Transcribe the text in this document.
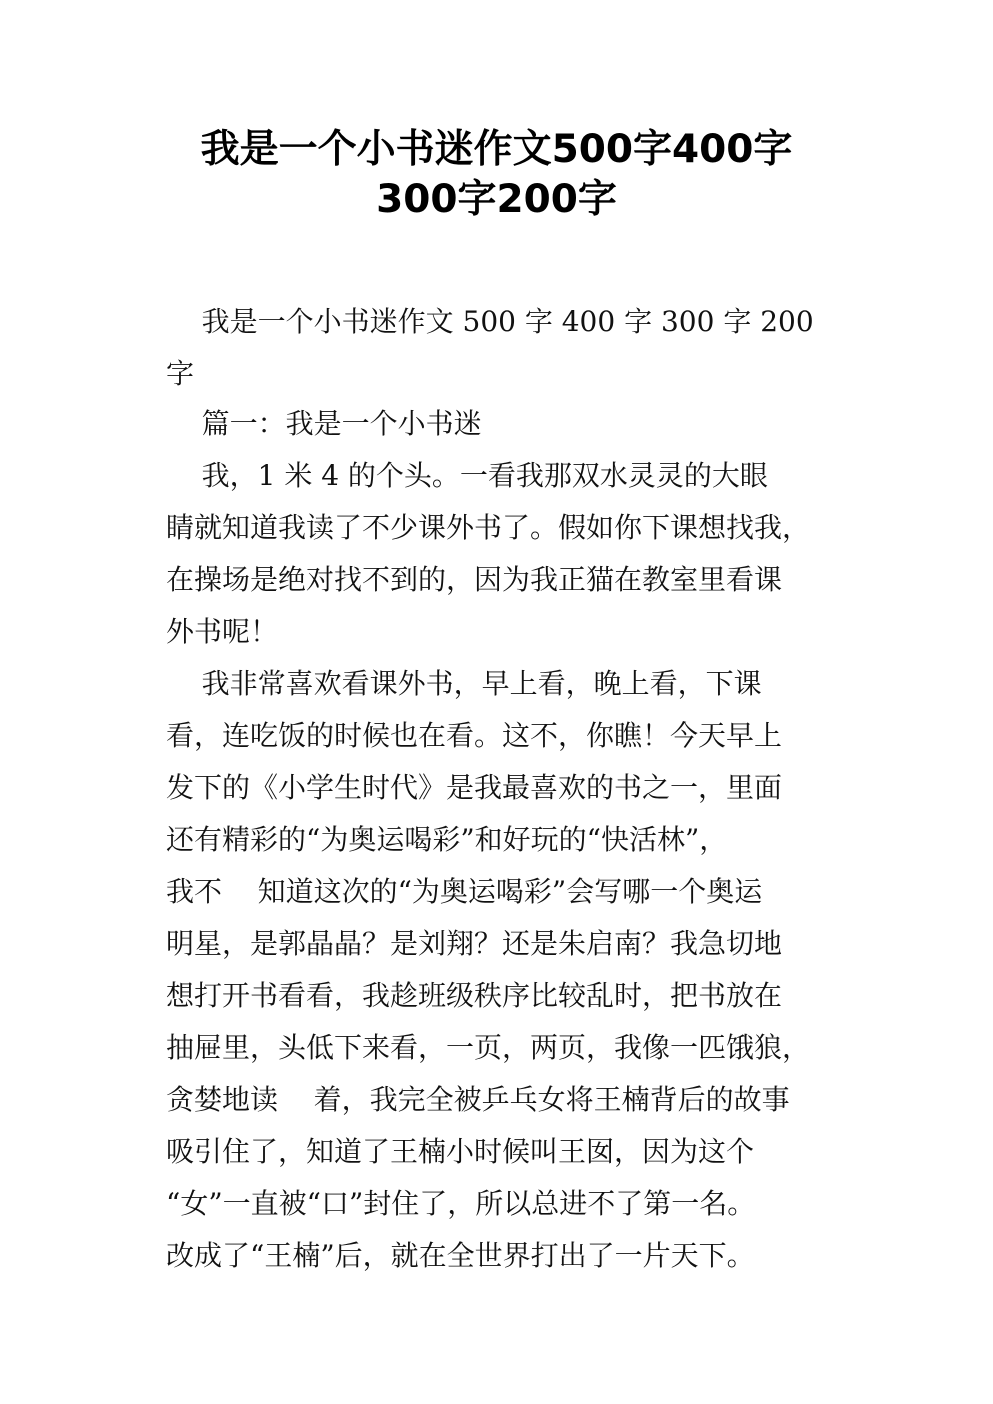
我是一个小书迷作文500字400字
300字200字

我是一个小书迷作文 500 字 400 字 300 字 200

字

篇一：我是一个小书迷

我，1 米 4 的个头。一看我那双水灵灵的大眼

睛就知道我读了不少课外书了。假如你下课想找我，

在操场是绝对找不到的，因为我正猫在教室里看课

外书呢！

我非常喜欢看课外书，早上看，晚上看，下课

看，连吃饭的时候也在看。这不，你瞧！今天早上

发下的《小学生时代》是我最喜欢的书之一，里面

还有精彩的“为奥运喝彩”和好玩的“快活林”，

我不    知道这次的“为奥运喝彩”会写哪一个奥运

明星，是郭晶晶？是刘翔？还是朱启南？我急切地

想打开书看看，我趁班级秩序比较乱时，把书放在

抽屉里，头低下来看，一页，两页，我像一匹饿狼，

贪婪地读    着，我完全被乒乓女将王楠背后的故事

吸引住了，知道了王楠小时候叫王囡，因为这个

“女”一直被“口”封住了，所以总进不了第一名。

改成了“王楠”后，就在全世界打出了一片天下。
